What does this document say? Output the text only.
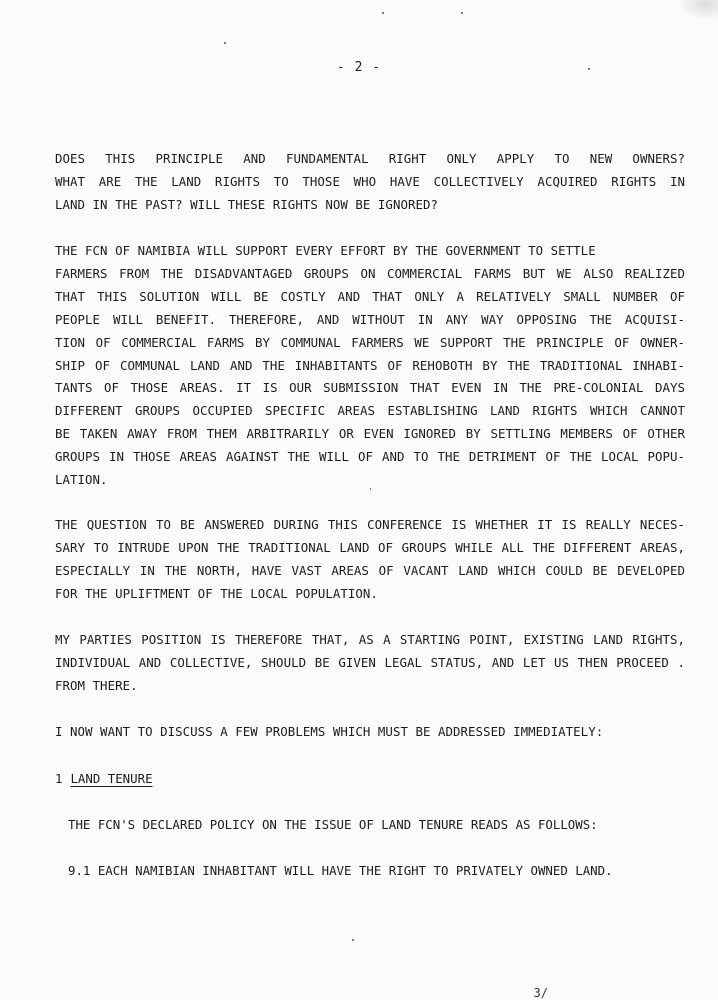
- 2 -
DOES THIS PRINCIPLE AND FUNDAMENTAL RIGHT ONLY APPLY TO NEW OWNERS?
WHAT ARE THE LAND RIGHTS TO THOSE WHO HAVE COLLECTIVELY ACQUIRED RIGHTS IN
LAND IN THE PAST? WILL THESE RIGHTS NOW BE IGNORED?
THE FCN OF NAMIBIA WILL SUPPORT EVERY EFFORT BY THE GOVERNMENT TO SETTLE
FARMERS FROM THE DISADVANTAGED GROUPS ON COMMERCIAL FARMS BUT WE ALSO REALIZED
THAT THIS SOLUTION WILL BE COSTLY AND THAT ONLY A RELATIVELY SMALL NUMBER OF
PEOPLE WILL BENEFIT. THEREFORE, AND WITHOUT IN ANY WAY OPPOSING THE ACQUISI-
TION OF COMMERCIAL FARMS BY COMMUNAL FARMERS WE SUPPORT THE PRINCIPLE OF OWNER-
SHIP OF COMMUNAL LAND AND THE INHABITANTS OF REHOBOTH BY THE TRADITIONAL INHABI-
TANTS OF THOSE AREAS. IT IS OUR SUBMISSION THAT EVEN IN THE PRE-COLONIAL DAYS
DIFFERENT GROUPS OCCUPIED SPECIFIC AREAS ESTABLISHING LAND RIGHTS WHICH CANNOT
BE TAKEN AWAY FROM THEM ARBITRARILY OR EVEN IGNORED BY SETTLING MEMBERS OF OTHER
GROUPS IN THOSE AREAS AGAINST THE WILL OF AND TO THE DETRIMENT OF THE LOCAL POPU-
LATION.
THE QUESTION TO BE ANSWERED DURING THIS CONFERENCE IS WHETHER IT IS REALLY NECES-
SARY TO INTRUDE UPON THE TRADITIONAL LAND OF GROUPS WHILE ALL THE DIFFERENT AREAS,
ESPECIALLY IN THE NORTH, HAVE VAST AREAS OF VACANT LAND WHICH COULD BE DEVELOPED
FOR THE UPLIFTMENT OF THE LOCAL POPULATION.
MY PARTIES POSITION IS THEREFORE THAT, AS A STARTING POINT, EXISTING LAND RIGHTS,
INDIVIDUAL AND COLLECTIVE, SHOULD BE GIVEN LEGAL STATUS, AND LET US THEN PROCEED .
FROM THERE.
I NOW WANT TO DISCUSS A FEW PROBLEMS WHICH MUST BE ADDRESSED IMMEDIATELY:
1 LAND TENURE
THE FCN'S DECLARED POLICY ON THE ISSUE OF LAND TENURE READS AS FOLLOWS:
9.1 EACH NAMIBIAN INHABITANT WILL HAVE THE RIGHT TO PRIVATELY OWNED LAND.
3/
